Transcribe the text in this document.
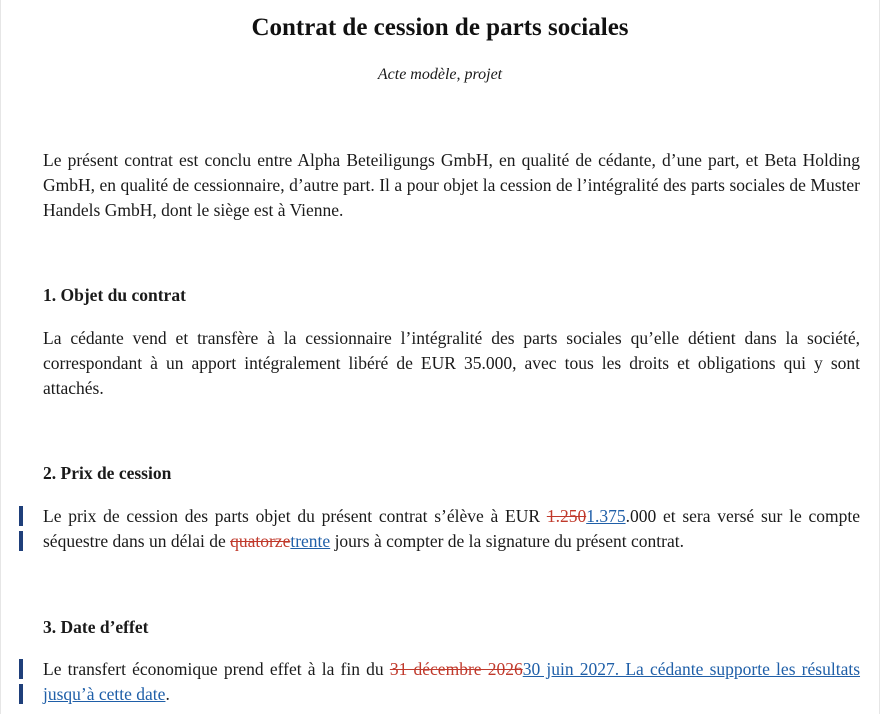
Contrat de cession de parts sociales

Acte modèle, projet

Le présent contrat est conclu entre Alpha Beteiligungs GmbH, en qualité de cédante, d’une part, et Beta Holding GmbH, en qualité de cessionnaire, d’autre part. Il a pour objet la cession de l’intégralité des parts sociales de Muster Handels GmbH, dont le siège est à Vienne.

1. Objet du contrat

La cédante vend et transfère à la cessionnaire l’intégralité des parts sociales qu’elle détient dans la société, correspondant à un apport intégralement libéré de EUR 35.000, avec tous les droits et obligations qui y sont attachés.

2. Prix de cession

Le prix de cession des parts objet du présent contrat s’élève à EUR 1.2501.375.000 et sera versé sur le compte séquestre dans un délai de quatorzetrente jours à compter de la signature du présent contrat.

3. Date d’effet

Le transfert économique prend effet à la fin du 31 décembre 202630 juin 2027. La cédante supporte les résultats jusqu’à cette date.
